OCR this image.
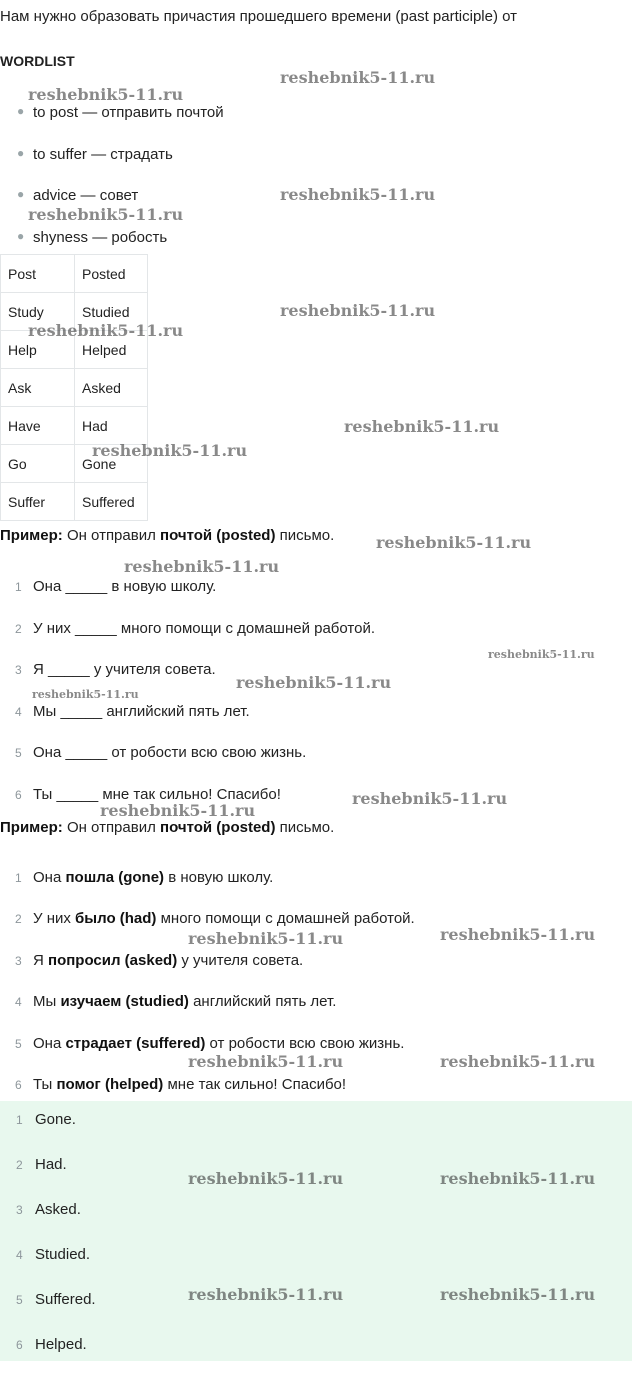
Нам нужно образовать причастия прошедшего времени (past participle) от
WORDLIST
● to post — отправить почтой
● to suffer — страдать
● advice — совет
● shyness — робость
Post	Posted
Study	Studied
Help	Helped
Ask	Asked
Have	Had
Go	Gone
Suffer	Suffered
Пример: Он отправил почтой (posted) письмо.
1 Она _____ в новую школу.
2 У них _____ много помощи с домашней работой.
3 Я _____ у учителя совета.
4 Мы _____ английский пять лет.
5 Она _____ от робости всю свою жизнь.
6 Ты _____ мне так сильно! Спасибо!
Пример: Он отправил почтой (posted) письмо.
1 Она пошла (gone) в новую школу.
2 У них было (had) много помощи с домашней работой.
3 Я попросил (asked) у учителя совета.
4 Мы изучаем (studied) английский пять лет.
5 Она страдает (suffered) от робости всю свою жизнь.
6 Ты помог (helped) мне так сильно! Спасибо!
1 Gone.
2 Had.
3 Asked.
4 Studied.
5 Suffered.
6 Helped.
reshebnik5-11.ru
reshebnik5-11.ru
reshebnik5-11.ru
reshebnik5-11.ru
reshebnik5-11.ru
reshebnik5-11.ru
reshebnik5-11.ru
reshebnik5-11.ru
reshebnik5-11.ru
reshebnik5-11.ru
reshebnik5-11.ru
reshebnik5-11.ru
reshebnik5-11.ru
reshebnik5-11.ru
reshebnik5-11.ru
reshebnik5-11.ru	reshebnik5-11.ru
reshebnik5-11.ru	reshebnik5-11.ru
reshebnik5-11.ru	reshebnik5-11.ru
reshebnik5-11.ru	reshebnik5-11.ru
